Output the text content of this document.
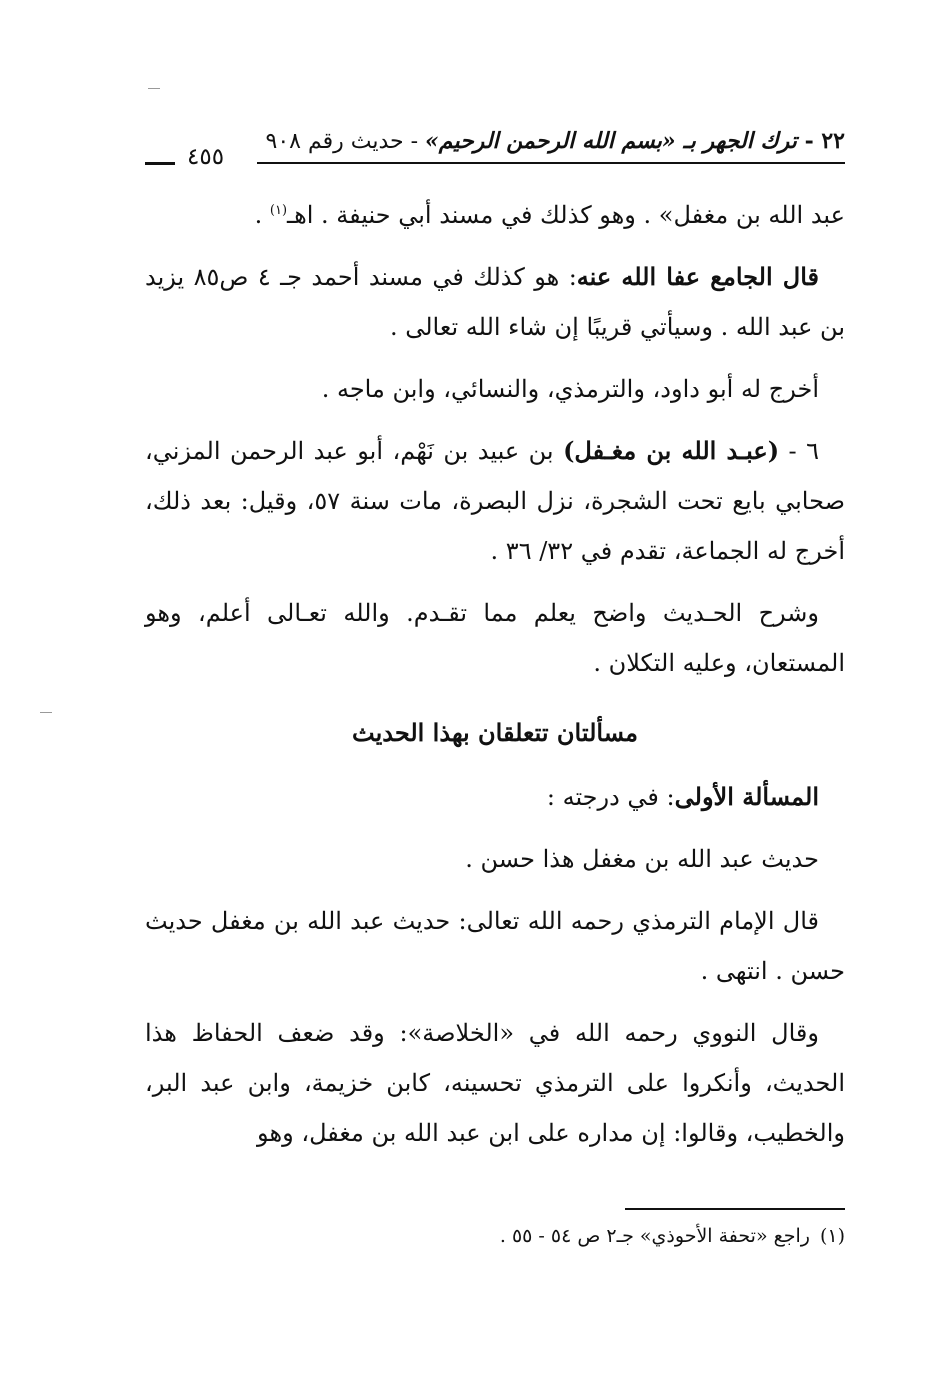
٢٢ - ترك الجهر بـ «بسم الله الرحمن الرحيم» - حديث رقم ٩٠٨
٤٥٥

عبد الله بن مغفل» . وهو كذلك في مسند أبي حنيفة . اهـ$^{(١)}$ .

قال الجامع عفا الله عنه: هو كذلك في مسند أحمد جـ ٤ ص٨٥ يزيد بن عبد الله . وسيأتي قريبًا إن شاء الله تعالى .

أخرج له أبو داود، والترمذي، والنسائي، وابن ماجه .

٦ - (عبـد الله بن مغـفل) بن عبيد بن نَهْم، أبو عبد الرحمن المزني، صحابي بايع تحت الشجرة، نزل البصرة، مات سنة ٥٧، وقيل: بعد ذلك، أخرج له الجماعة، تقدم في ٣٢/ ٣٦ .

وشرح الحـديث واضح يعلم مما تقـدم. والله تعـالى أعلم، وهو المستعان، وعليه التكلان .

مسألتان تتعلقان بهذا الحديث

المسألة الأولى: في درجته :

حديث عبد الله بن مغفل هذا حسن .

قال الإمام الترمذي رحمه الله تعالى: حديث عبد الله بن مغفل حديث حسن . انتهى .

وقال النووي رحمه الله في «الخلاصة»: وقد ضعف الحفاظ هذا الحديث، وأنكروا على الترمذي تحسينه، كابن خزيمة، وابن عبد البر، والخطيب، وقالوا: إن مداره على ابن عبد الله بن مغفل، وهو

(١)راجع «تحفة الأحوذي» جـ٢ ص ٥٤ - ٥٥ .
